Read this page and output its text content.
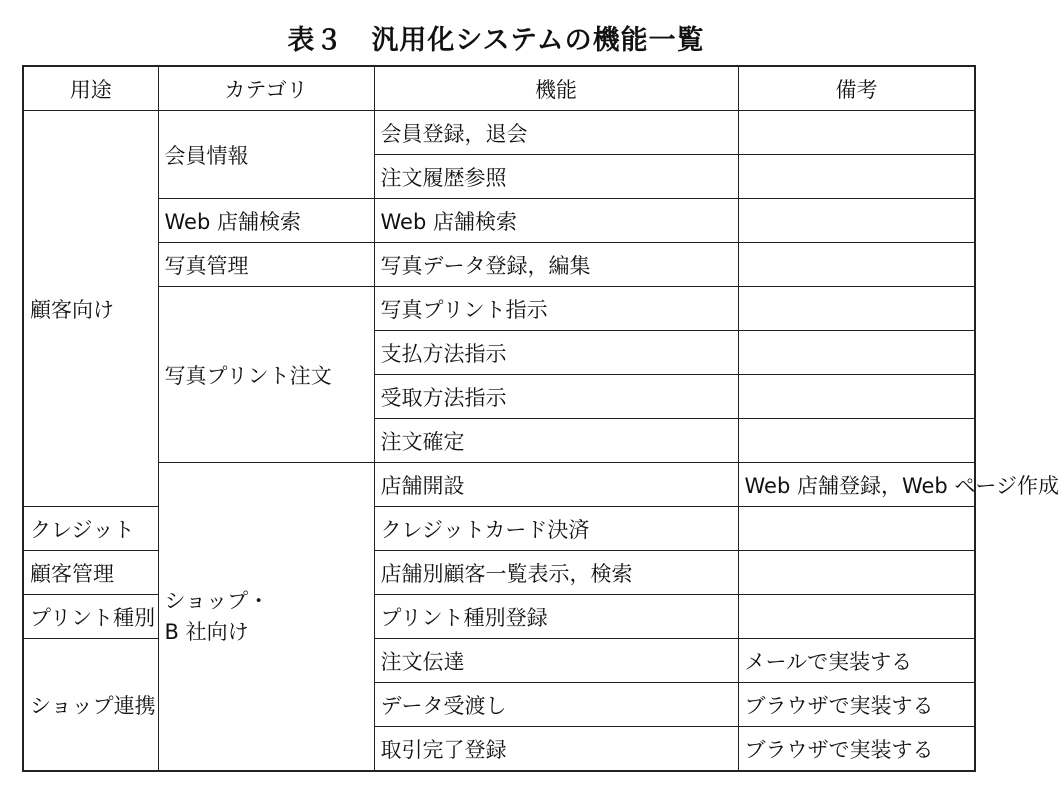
表３ 汎用化システムの機能一覧
用途	カテゴリ	機能	備考	
顧客向け	会員情報	会員登録，退会		
		注文履歴参照		
	Web 店舗検索	Web 店舗検索		
	写真管理	写真データ登録，編集		
	写真プリント注文	写真プリント指示		
		支払方法指示		
		受取方法指示		
		注文確定		
	ショップ・B 社向け	店舗開設	Web 店舗登録，Web ページ作成	
クレジット		クレジットカード決済		
顧客管理		店舗別顧客一覧表示，検索		
プリント種別		プリント種別登録		
ショップ連携		注文伝達	メールで実装する	
		データ受渡し	ブラウザで実装する	
		取引完了登録	ブラウザで実装する	
